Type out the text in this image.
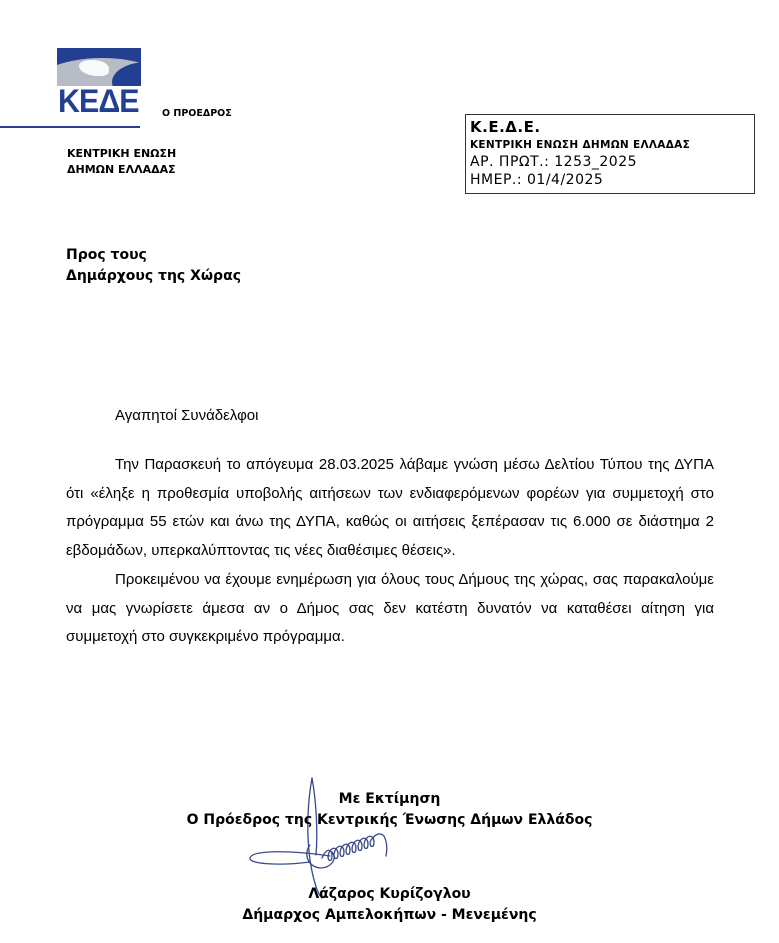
ΚΕΔΕ Ο ΠΡΟΕΔΡΟΣ
ΚΕΝΤΡΙΚΗ ΕΝΩΣΗ
ΔΗΜΩΝ ΕΛΛΑΔΑΣ
Κ.Ε.Δ.Ε.
ΚΕΝΤΡΙΚΗ ΕΝΩΣΗ ΔΗΜΩΝ ΕΛΛΑΔΑΣ
ΑΡ. ΠΡΩΤ.: 1253_2025
ΗΜΕΡ.: 01/4/2025
Προς τους
Δημάρχους της Χώρας
Αγαπητοί Συνάδελφοι
Την Παρασκευή το απόγευμα 28.03.2025 λάβαμε γνώση μέσω Δελτίου Τύπου της ΔΥΠΑ ότι «έληξε η προθεσμία υποβολής αιτήσεων των ενδιαφερόμενων φορέων για συμμετοχή στο πρόγραμμα 55 ετών και άνω της ΔΥΠΑ, καθώς οι αιτήσεις ξεπέρασαν τις 6.000 σε διάστημα 2 εβδομάδων, υπερκαλύπτοντας τις νέες διαθέσιμες θέσεις».
Προκειμένου να έχουμε ενημέρωση για όλους τους Δήμους της χώρας, σας παρακαλούμε να μας γνωρίσετε άμεσα αν ο Δήμος σας δεν κατέστη δυνατόν να καταθέσει αίτηση για συμμετοχή στο συγκεκριμένο πρόγραμμα.
Με Εκτίμηση
Ο Πρόεδρος της Κεντρικής Ένωσης Δήμων Ελλάδος
Λάζαρος Κυρίζογλου
Δήμαρχος Αμπελοκήπων - Μενεμένης
